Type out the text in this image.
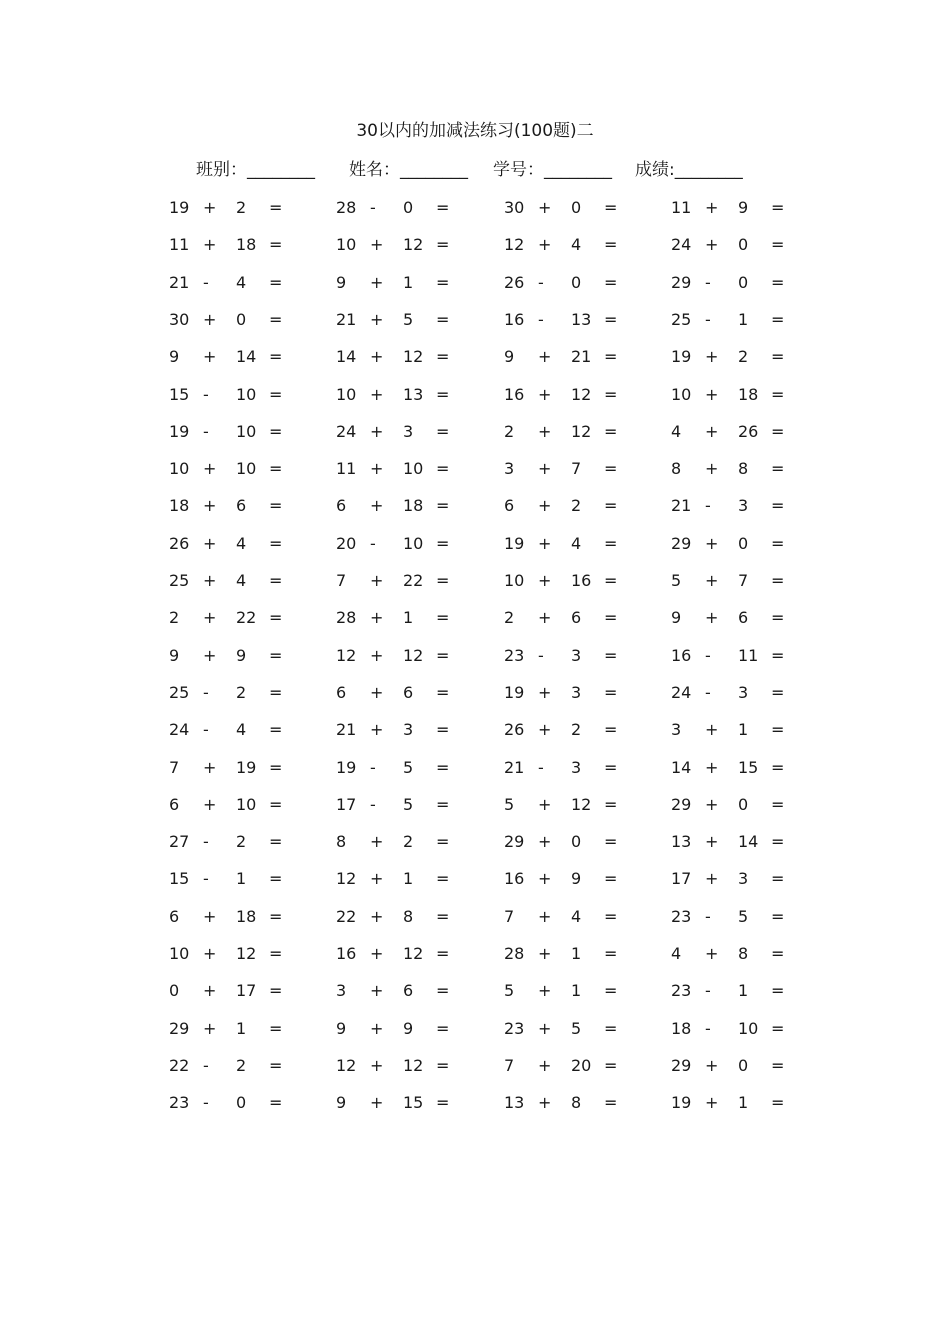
30以内的加减法练习(100题)二
班别：________ 姓名：________ 学号：________ 成绩:________
19 + 2 =	28 - 0 =	30 + 0 =	11 + 9 =
11 + 18 =	10 + 12 =	12 + 4 =	24 + 0 =
21 - 4 =	9 + 1 =	26 - 0 =	29 - 0 =
30 + 0 =	21 + 5 =	16 - 13 =	25 - 1 =
9 + 14 =	14 + 12 =	9 + 21 =	19 + 2 =
15 - 10 =	10 + 13 =	16 + 12 =	10 + 18 =
19 - 10 =	24 + 3 =	2 + 12 =	4 + 26 =
10 + 10 =	11 + 10 =	3 + 7 =	8 + 8 =
18 + 6 =	6 + 18 =	6 + 2 =	21 - 3 =
26 + 4 =	20 - 10 =	19 + 4 =	29 + 0 =
25 + 4 =	7 + 22 =	10 + 16 =	5 + 7 =
2 + 22 =	28 + 1 =	2 + 6 =	9 + 6 =
9 + 9 =	12 + 12 =	23 - 3 =	16 - 11 =
25 - 2 =	6 + 6 =	19 + 3 =	24 - 3 =
24 - 4 =	21 + 3 =	26 + 2 =	3 + 1 =
7 + 19 =	19 - 5 =	21 - 3 =	14 + 15 =
6 + 10 =	17 - 5 =	5 + 12 =	29 + 0 =
27 - 2 =	8 + 2 =	29 + 0 =	13 + 14 =
15 - 1 =	12 + 1 =	16 + 9 =	17 + 3 =
6 + 18 =	22 + 8 =	7 + 4 =	23 - 5 =
10 + 12 =	16 + 12 =	28 + 1 =	4 + 8 =
0 + 17 =	3 + 6 =	5 + 1 =	23 - 1 =
29 + 1 =	9 + 9 =	23 + 5 =	18 - 10 =
22 - 2 =	12 + 12 =	7 + 20 =	29 + 0 =
23 - 0 =	9 + 15 =	13 + 8 =	19 + 1 =
